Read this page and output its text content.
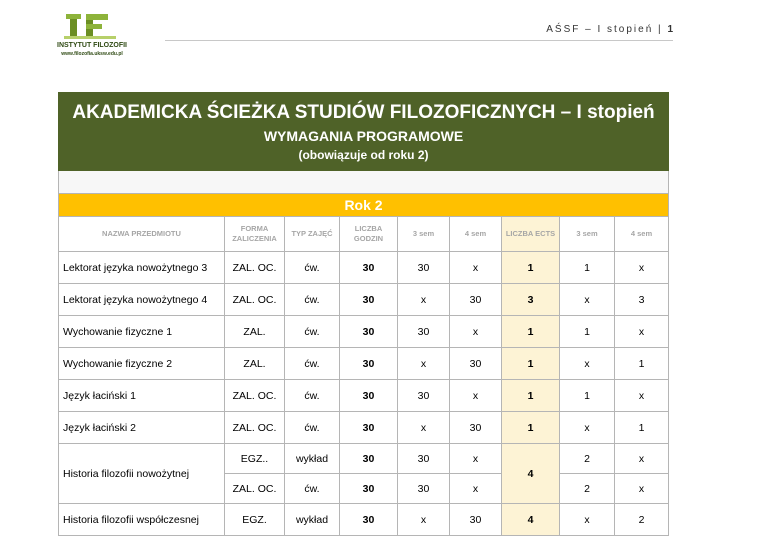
INSTYTUT FILOZOFII
www.filozofia.uksw.edu.pl
AŚSF – I stopień | 1
AKADEMICKA ŚCIEŻKA STUDIÓW FILOZOFICZNYCH – I stopień								
WYMAGANIA PROGRAMOWE								
(obowiązuje od roku 2)								

Rok 2								
NAZWA PRZEDMIOTU	FORMA ZALICZENIA	TYP ZAJĘĆ	LICZBA GODZIN	3 sem	4 sem	LICZBA ECTS	3 sem	4 sem
Lektorat języka nowożytnego 3	ZAL. OC.	ćw.	30	30	x	1	1	x
Lektorat języka nowożytnego 4	ZAL. OC.	ćw.	30	x	30	3	x	3
Wychowanie fizyczne 1	ZAL.	ćw.	30	30	x	1	1	x
Wychowanie fizyczne 2	ZAL.	ćw.	30	x	30	1	x	1
Język łaciński 1	ZAL. OC.	ćw.	30	30	x	1	1	x
Język łaciński 2	ZAL. OC.	ćw.	30	x	30	1	x	1
Historia filozofii nowożytnej	EGZ..	wykład	30	30	x	4	2	x
	ZAL. OC.	ćw.	30	30	x		2	x
Historia filozofii współczesnej	EGZ.	wykład	30	x	30	4	x	2
